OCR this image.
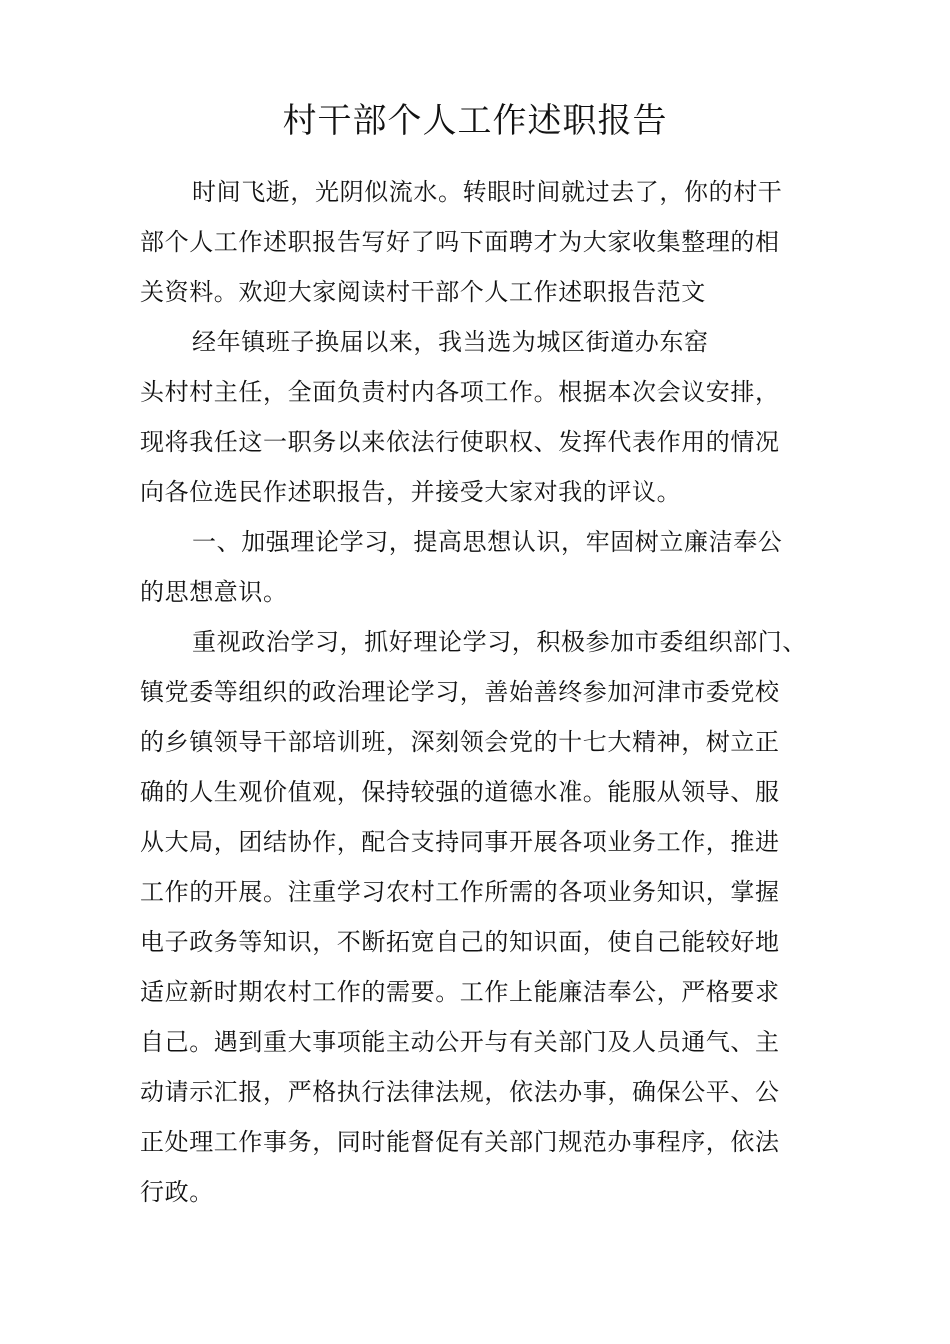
村干部个人工作述职报告

时间飞逝，光阴似流水。转眼时间就过去了，你的村干

部个人工作述职报告写好了吗下面聘才为大家收集整理的相

关资料。欢迎大家阅读村干部个人工作述职报告范文

经年镇班子换届以来，我当选为城区街道办东窑

头村村主任，全面负责村内各项工作。根据本次会议安排，

现将我任这一职务以来依法行使职权、发挥代表作用的情况

向各位选民作述职报告，并接受大家对我的评议。

一、加强理论学习，提高思想认识，牢固树立廉洁奉公

的思想意识。

重视政治学习，抓好理论学习，积极参加市委组织部门、

镇党委等组织的政治理论学习，善始善终参加河津市委党校

的乡镇领导干部培训班，深刻领会党的十七大精神，树立正

确的人生观价值观，保持较强的道德水准。能服从领导、服

从大局，团结协作，配合支持同事开展各项业务工作，推进

工作的开展。注重学习农村工作所需的各项业务知识，掌握

电子政务等知识，不断拓宽自己的知识面，使自己能较好地

适应新时期农村工作的需要。工作上能廉洁奉公，严格要求

自己。遇到重大事项能主动公开与有关部门及人员通气、主

动请示汇报，严格执行法律法规，依法办事，确保公平、公

正处理工作事务，同时能督促有关部门规范办事程序，依法

行政。
